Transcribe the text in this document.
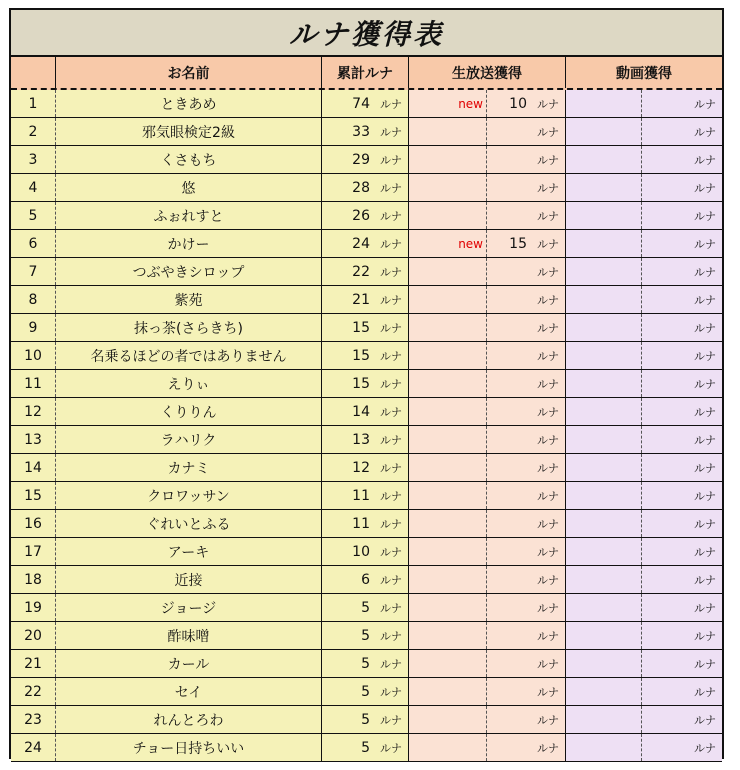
ルナ獲得表
お名前	累計ルナ	生放送獲得	動画獲得
1	ときあめ	74 ルナ	new 10 ルナ	ルナ
2	邪気眼検定2級	33 ルナ	ルナ	ルナ
3	くさもち	29 ルナ	ルナ	ルナ
4	悠	28 ルナ	ルナ	ルナ
5	ふぉれすと	26 ルナ	ルナ	ルナ
6	かけー	24 ルナ	new 15 ルナ	ルナ
7	つぶやきシロップ	22 ルナ	ルナ	ルナ
8	紫苑	21 ルナ	ルナ	ルナ
9	抹っ茶(さらきち)	15 ルナ	ルナ	ルナ
10	名乗るほどの者ではありません	15 ルナ	ルナ	ルナ
11	えりぃ	15 ルナ	ルナ	ルナ
12	くりりん	14 ルナ	ルナ	ルナ
13	ラハリク	13 ルナ	ルナ	ルナ
14	カナミ	12 ルナ	ルナ	ルナ
15	クロワッサン	11 ルナ	ルナ	ルナ
16	ぐれいとふる	11 ルナ	ルナ	ルナ
17	アーキ	10 ルナ	ルナ	ルナ
18	近接	6 ルナ	ルナ	ルナ
19	ジョージ	5 ルナ	ルナ	ルナ
20	酢味噌	5 ルナ	ルナ	ルナ
21	カール	5 ルナ	ルナ	ルナ
22	セイ	5 ルナ	ルナ	ルナ
23	れんとろわ	5 ルナ	ルナ	ルナ
24	チョー日持ちいい	5 ルナ	ルナ	ルナ
